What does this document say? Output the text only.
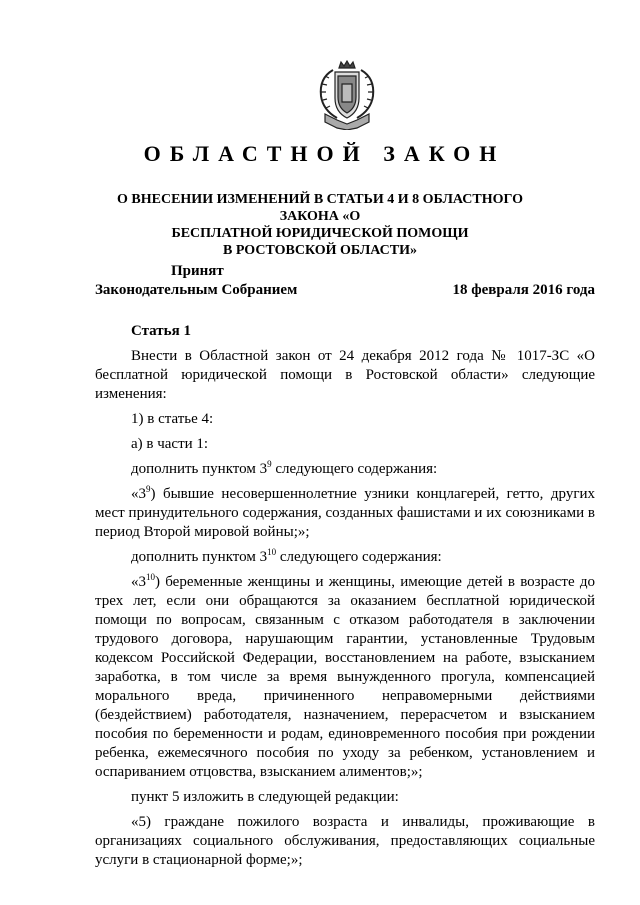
ОБЛАСТНОЙ ЗАКОН
О ВНЕСЕНИИ ИЗМЕНЕНИЙ В СТАТЬИ 4 И 8 ОБЛАСТНОГО ЗАКОНА «О
БЕСПЛАТНОЙ ЮРИДИЧЕСКОЙ ПОМОЩИ
В РОСТОВСКОЙ ОБЛАСТИ»
Принят
Законодательным Собранием	18 февраля 2016 года

Статья 1

Внести в Областной закон от 24 декабря 2012 года № 1017-ЗС «О бесплатной юридической помощи в Ростовской области» следующие изменения:

1) в статье 4:

а) в части 1:

дополнить пунктом $3^9$ следующего содержания:

«$3^9$) бывшие несовершеннолетние узники концлагерей, гетто, других мест принудительного содержания, созданных фашистами и их союзниками в период Второй мировой войны;»;

дополнить пунктом $3^{10}$ следующего содержания:

«$3^{10}$) беременные женщины и женщины, имеющие детей в возрасте до трех лет, если они обращаются за оказанием бесплатной юридической помощи по вопросам, связанным с отказом работодателя в заключении трудового договора, нарушающим гарантии, установленные Трудовым кодексом Российской Федерации, восстановлением на работе, взысканием заработка, в том числе за время вынужденного прогула, компенсацией морального вреда, причиненного неправомерными действиями (бездействием) работодателя, назначением, перерасчетом и взысканием пособия по беременности и родам, единовременного пособия при рождении ребенка, ежемесячного пособия по уходу за ребенком, установлением и оспариванием отцовства, взысканием алиментов;»;

пункт 5 изложить в следующей редакции:

«5) граждане пожилого возраста и инвалиды, проживающие в организациях социального обслуживания, предоставляющих социальные услуги в стационарной форме;»;
